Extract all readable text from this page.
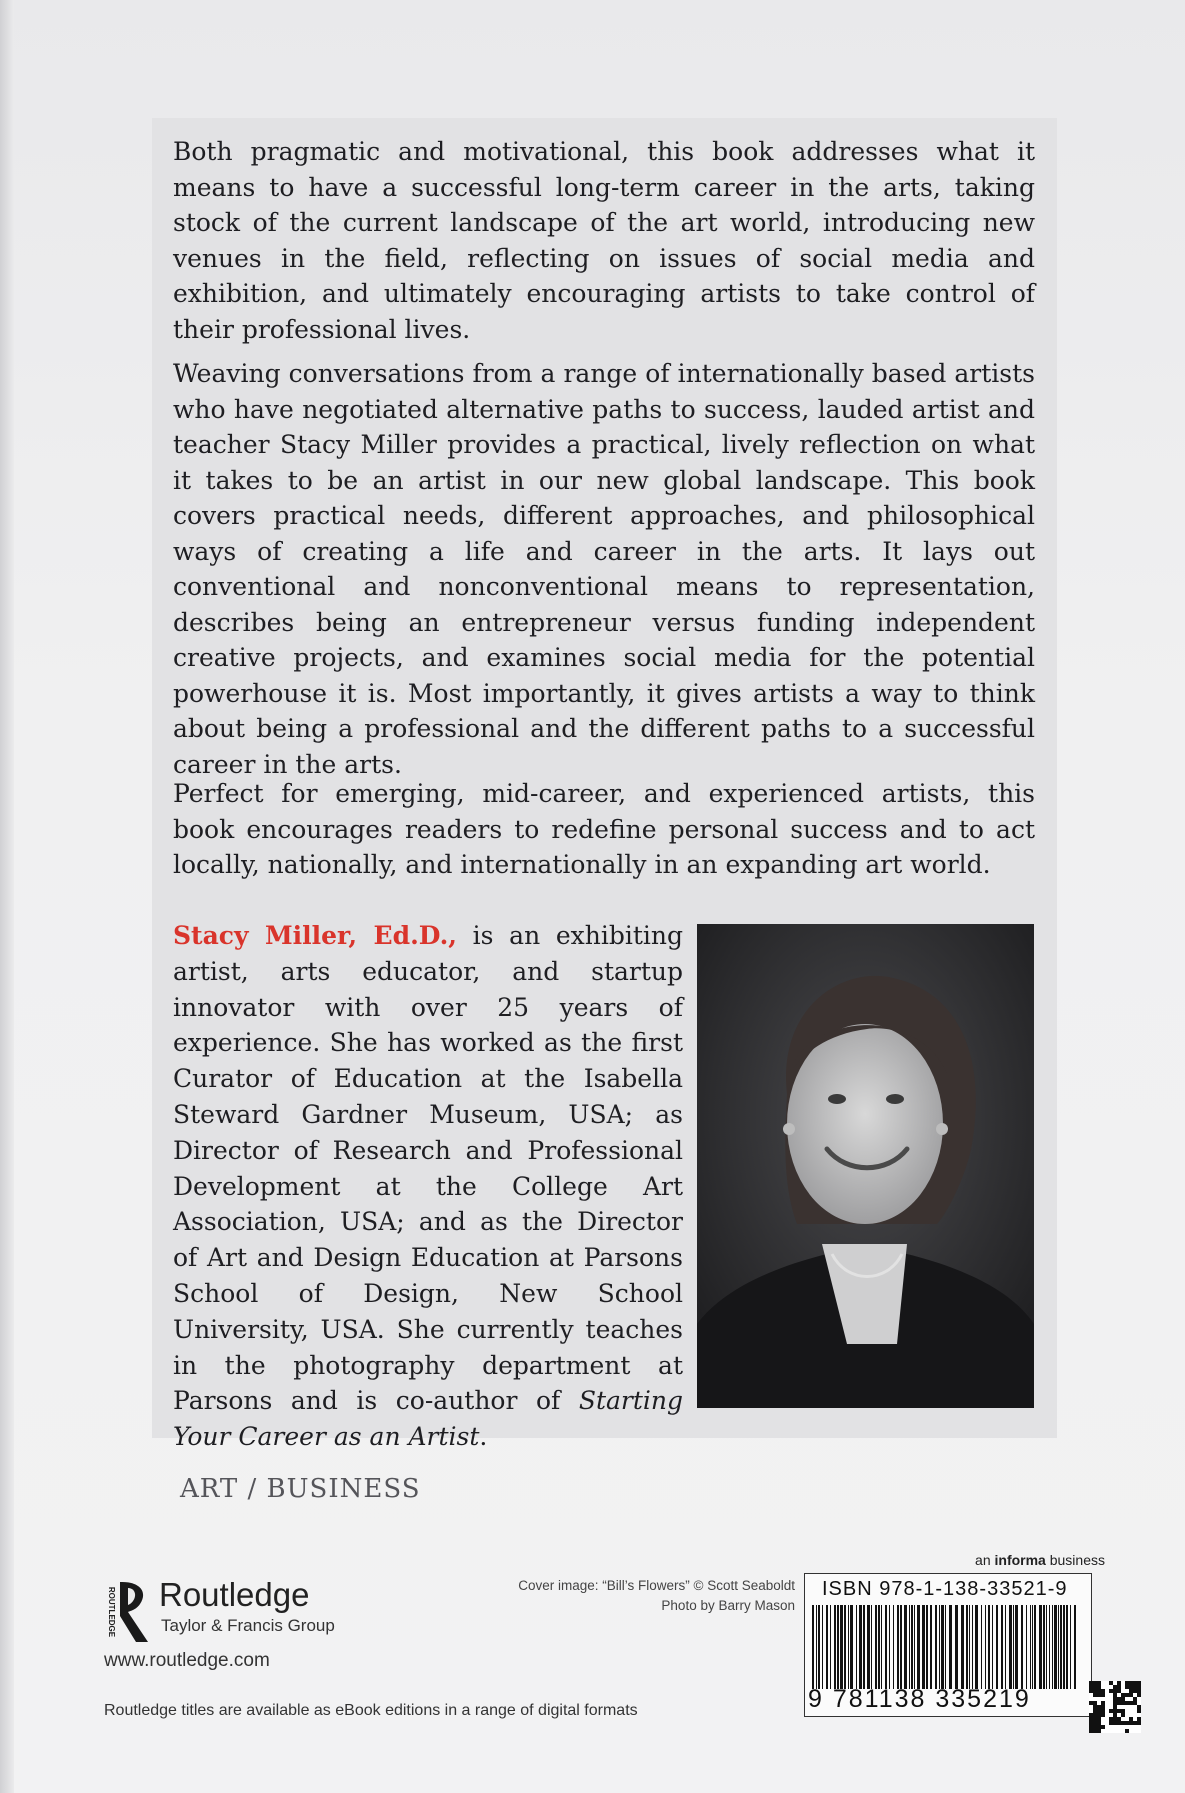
Both pragmatic and motivational, this book addresses what it means to have a successful long-term career in the arts, taking stock of the current landscape of the art world, introducing new venues in the field, reflecting on issues of social media and exhibition, and ultimately encouraging artists to take control of their professional lives.

Weaving conversations from a range of internationally based artists who have negotiated alternative paths to success, lauded artist and teacher Stacy Miller provides a practical, lively reflection on what it takes to be an artist in our new global landscape. This book covers practical needs, different approaches, and philosophical ways of creating a life and career in the arts. It lays out conventional and nonconventional means to representation, describes being an entrepreneur versus funding independent creative projects, and examines social media for the potential powerhouse it is. Most importantly, it gives artists a way to think about being a professional and the different paths to a successful career in the arts.

Perfect for emerging, mid-career, and experienced artists, this book encourages readers to redefine personal success and to act locally, nationally, and internationally in an expanding art world.

Stacy Miller, Ed.D., is an exhibiting artist, arts educator, and startup innovator with over 25 years of experience. She has worked as the first Curator of Education at the Isabella Steward Gardner Museum, USA; as Director of Research and Professional Development at the College Art Association, USA; and as the Director of Art and Design Education at Parsons School of Design, New School University, USA. She currently teaches in the photography department at Parsons and is co-author of Starting Your Career as an Artist.

ART / BUSINESS
ROUTLEDGE Routledge
Taylor & Francis Group
www.routledge.com
Routledge titles are available as eBook editions in a range of digital formats
Cover image: “Bill’s Flowers” © Scott Seaboldt
Photo by Barry Mason
an informa business
ISBN 978-1-138-33521-9
9 781138 335219
